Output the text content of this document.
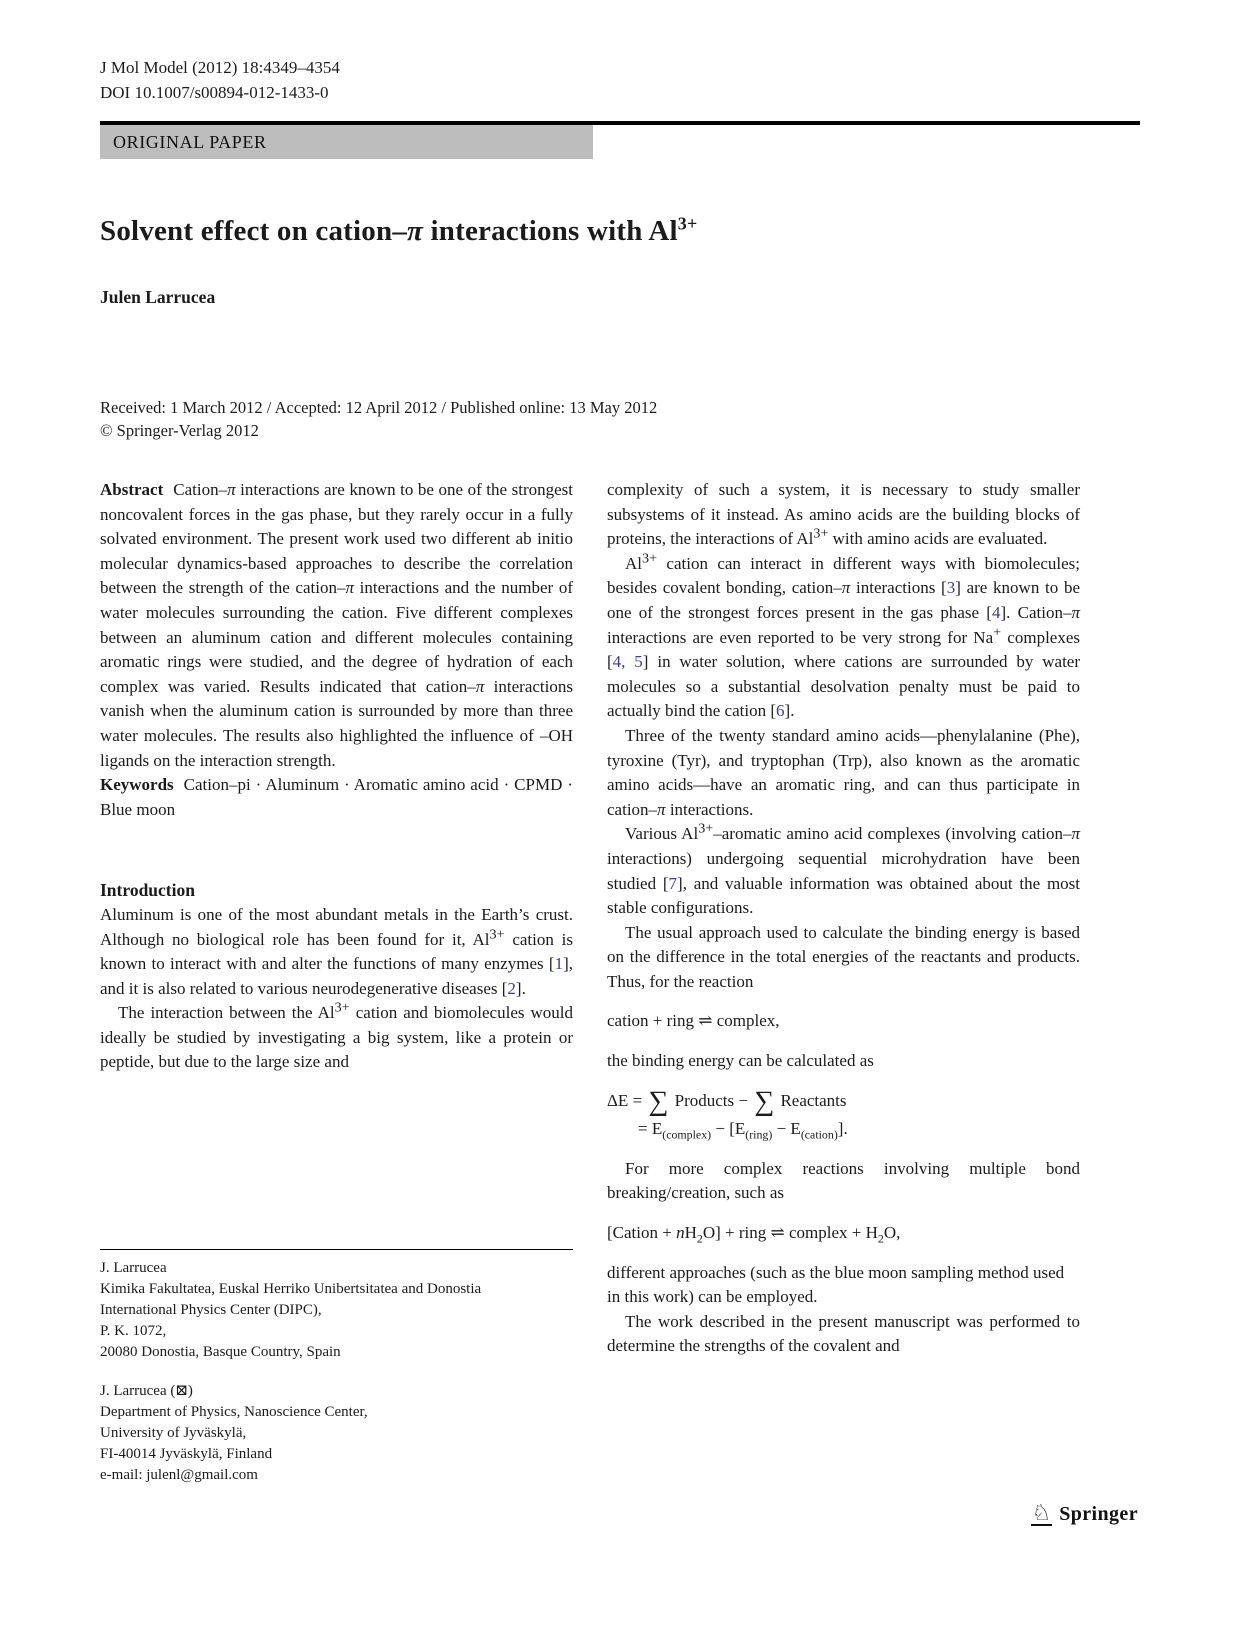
J Mol Model (2012) 18:4349–4354
DOI 10.1007/s00894-012-1433-0
ORIGINAL PAPER
Solvent effect on cation–π interactions with $Al^{3+}$
Julen Larrucea
Received: 1 March 2012 / Accepted: 12 April 2012 / Published online: 13 May 2012
© Springer-Verlag 2012

Abstract Cation–π interactions are known to be one of the strongest noncovalent forces in the gas phase, but they rarely occur in a fully solvated environment. The present work used two different ab initio molecular dynamics-based approaches to describe the correlation between the strength of the cation–π interactions and the number of water molecules surrounding the cation. Five different complexes between an aluminum cation and different molecules containing aromatic rings were studied, and the degree of hydration of each complex was varied. Results indicated that cation–π interactions vanish when the aluminum cation is surrounded by more than three water molecules. The results also highlighted the influence of –OH ligands on the interaction strength.

Keywords Cation–pi · Aluminum · Aromatic amino acid · CPMD · Blue moon

Introduction

Aluminum is one of the most abundant metals in the Earth’s crust. Although no biological role has been found for it, $Al^{3+}$ cation is known to interact with and alter the functions of many enzymes [1], and it is also related to various neurodegenerative diseases [2].

The interaction between the $Al^{3+}$ cation and biomolecules would ideally be studied by investigating a big system, like a protein or peptide, but due to the large size and

J. Larrucea
Kimika Fakultatea, Euskal Herriko Unibertsitatea and Donostia
International Physics Center (DIPC),
P. K. 1072,
20080 Donostia, Basque Country, Spain
J. Larrucea (⊠)
Department of Physics, Nanoscience Center,
University of Jyväskylä,
FI-40014 Jyväskylä, Finland
e-mail: julenl@gmail.com

complexity of such a system, it is necessary to study smaller subsystems of it instead. As amino acids are the building blocks of proteins, the interactions of $Al^{3+}$ with amino acids are evaluated.

$Al^{3+}$ cation can interact in different ways with biomolecules; besides covalent bonding, cation–π interactions [3] are known to be one of the strongest forces present in the gas phase [4]. Cation–π interactions are even reported to be very strong for Na+ complexes [4, 5] in water solution, where cations are surrounded by water molecules so a substantial desolvation penalty must be paid to actually bind the cation [6].

Three of the twenty standard amino acids—phenylalanine (Phe), tyroxine (Tyr), and tryptophan (Trp), also known as the aromatic amino acids—have an aromatic ring, and can thus participate in cation–π interactions.

Various $Al^{3+}$–aromatic amino acid complexes (involving cation–π interactions) undergoing sequential microhydration have been studied [7], and valuable information was obtained about the most stable configurations.

The usual approach used to calculate the binding energy is based on the difference in the total energies of the reactants and products. Thus, for the reaction

cation + ring ⇌ complex,

the binding energy can be calculated as

ΔE = ∑ Products − ∑ Reactants
= $E_{(complex)} - [E_{(ring)} - E_{(cation)}]$.

For more complex reactions involving multiple bond breaking/creation, such as

[Cation + $nH_2O$] + ring ⇌ complex + $H_2O$,

different approaches (such as the blue moon sampling method used in this work) can be employed.

The work described in the present manuscript was performed to determine the strengths of the covalent and

♘ Springer
